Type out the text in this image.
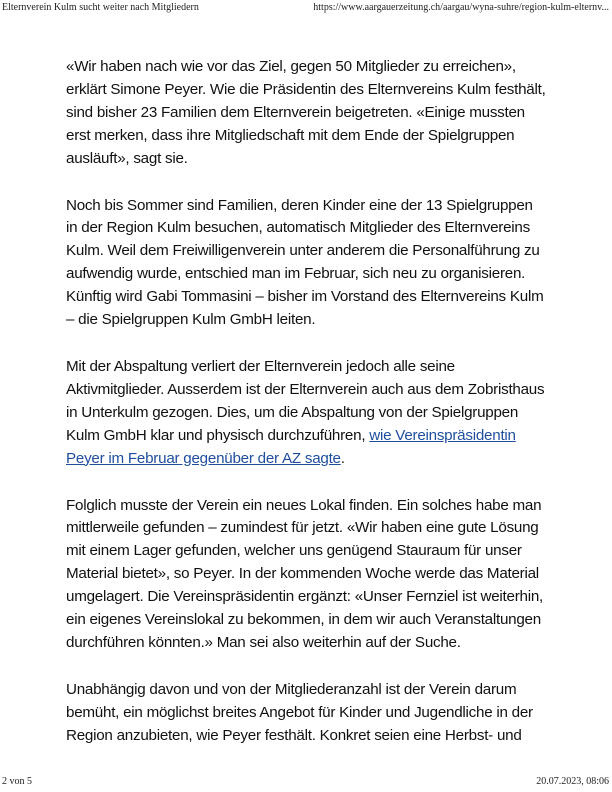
Elternverein Kulm sucht weiter nach Mitgliedern	https://www.aargauerzeitung.ch/aargau/wyna-suhre/region-kulm-elternv...

«Wir haben nach wie vor das Ziel, gegen 50 Mitglieder zu erreichen», erklärt Simone Peyer. Wie die Präsidentin des Elternvereins Kulm festhält, sind bisher 23 Familien dem Elternverein beigetreten. «Einige mussten erst merken, dass ihre Mitgliedschaft mit dem Ende der Spielgruppen ausläuft», sagt sie.

Noch bis Sommer sind Familien, deren Kinder eine der 13 Spielgruppen in der Region Kulm besuchen, automatisch Mitglieder des Elternvereins Kulm. Weil dem Freiwilligenverein unter anderem die Personalführung zu aufwendig wurde, entschied man im Februar, sich neu zu organisieren. Künftig wird Gabi Tommasini – bisher im Vorstand des Elternvereins Kulm – die Spielgruppen Kulm GmbH leiten.

Mit der Abspaltung verliert der Elternverein jedoch alle seine Aktivmitglieder. Ausserdem ist der Elternverein auch aus dem Zobristhaus in Unterkulm gezogen. Dies, um die Abspaltung von der Spielgruppen Kulm GmbH klar und physisch durchzuführen, wie Vereinspräsidentin Peyer im Februar gegenüber der AZ sagte.

Folglich musste der Verein ein neues Lokal finden. Ein solches habe man mittlerweile gefunden – zumindest für jetzt. «Wir haben eine gute Lösung mit einem Lager gefunden, welcher uns genügend Stauraum für unser Material bietet», so Peyer. In der kommenden Woche werde das Material umgelagert. Die Vereinspräsidentin ergänzt: «Unser Fernziel ist weiterhin, ein eigenes Vereinslokal zu bekommen, in dem wir auch Veranstaltungen durchführen könnten.» Man sei also weiterhin auf der Suche.

Unabhängig davon und von der Mitgliederanzahl ist der Verein darum bemüht, ein möglichst breites Angebot für Kinder und Jugendliche in der Region anzubieten, wie Peyer festhält. Konkret seien eine Herbst- und

2 von 5	20.07.2023, 08:06
